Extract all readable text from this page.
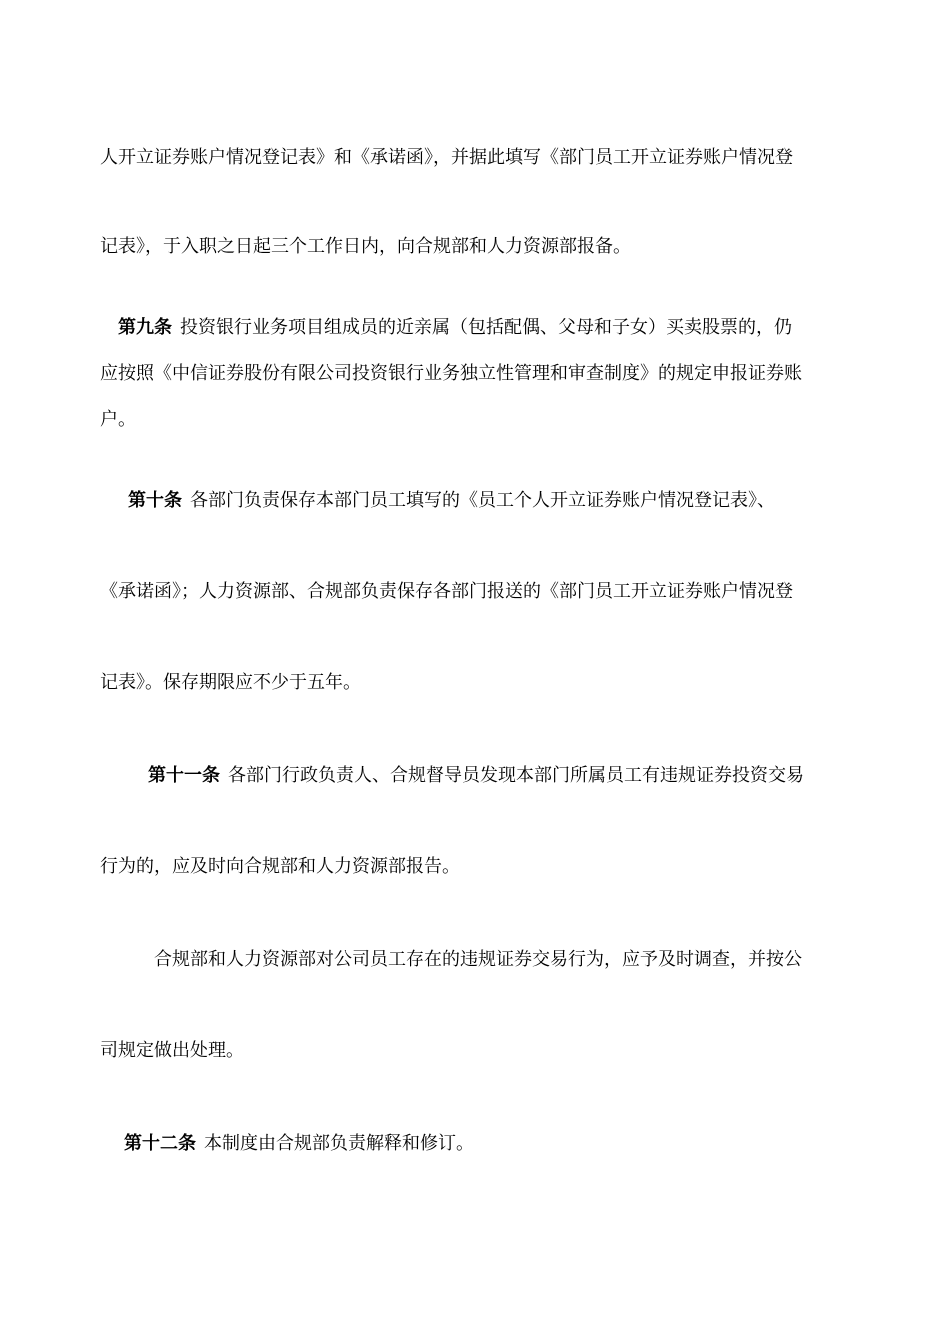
人开立证券账户情况登记表》和《承诺函》，并据此填写《部门员工开立证券账户情况登
记表》，于入职之日起三个工作日内，向合规部和人力资源部报备。
第九条 投资银行业务项目组成员的近亲属（包括配偶、父母和子女）买卖股票的，仍
应按照《中信证券股份有限公司投资银行业务独立性管理和审查制度》的规定申报证券账
户。
第十条 各部门负责保存本部门员工填写的《员工个人开立证券账户情况登记表》、
《承诺函》；人力资源部、合规部负责保存各部门报送的《部门员工开立证券账户情况登
记表》。保存期限应不少于五年。
第十一条 各部门行政负责人、合规督导员发现本部门所属员工有违规证券投资交易
行为的，应及时向合规部和人力资源部报告。
合规部和人力资源部对公司员工存在的违规证券交易行为，应予及时调查，并按公
司规定做出处理。
第十二条 本制度由合规部负责解释和修订。
